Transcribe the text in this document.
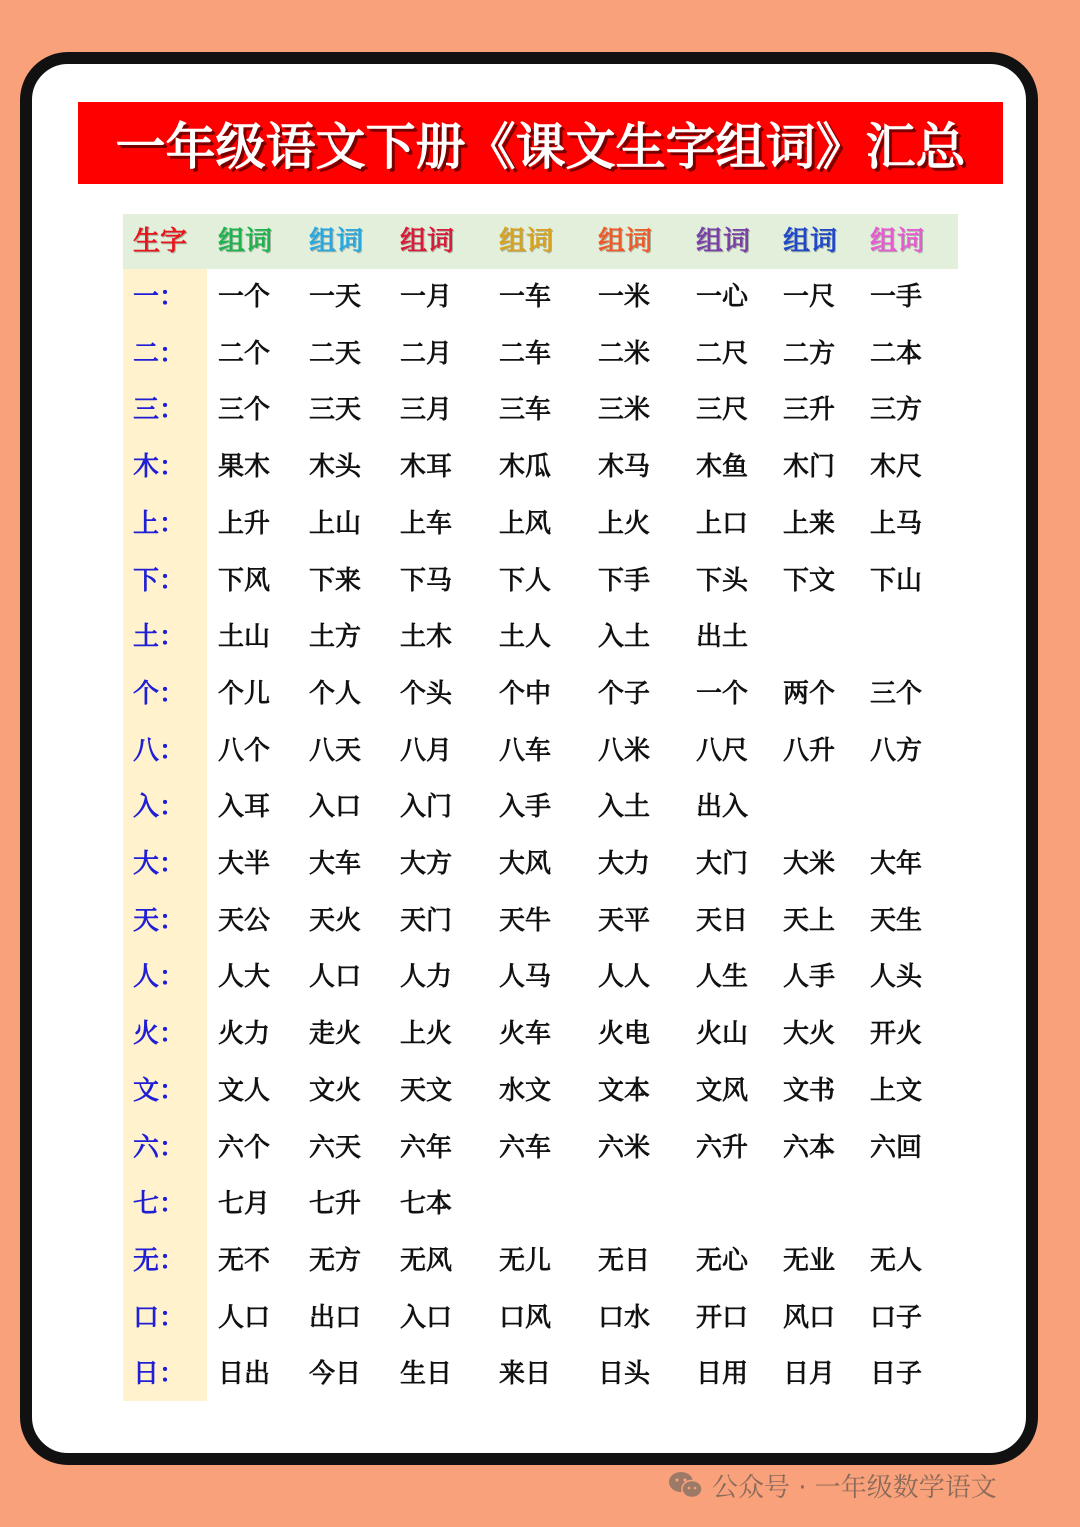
一年级语文下册《课文生字组词》汇总
生字 组词 组词 组词 组词 组词 组词 组词 组词
一： 一个 一天 一月 一车 一米 一心 一尺 一手
二： 二个 二天 二月 二车 二米 二尺 二方 二本
三： 三个 三天 三月 三车 三米 三尺 三升 三方
木： 果木 木头 木耳 木瓜 木马 木鱼 木门 木尺
上： 上升 上山 上车 上风 上火 上口 上来 上马
下： 下风 下来 下马 下人 下手 下头 下文 下山
土： 土山 土方 土木 土人 入土 出土
个： 个儿 个人 个头 个中 个子 一个 两个 三个
八： 八个 八天 八月 八车 八米 八尺 八升 八方
入： 入耳 入口 入门 入手 入土 出入
大： 大半 大车 大方 大风 大力 大门 大米 大年
天： 天公 天火 天门 天牛 天平 天日 天上 天生
人： 人大 人口 人力 人马 人人 人生 人手 人头
火： 火力 走火 上火 火车 火电 火山 大火 开火
文： 文人 文火 天文 水文 文本 文风 文书 上文
六： 六个 六天 六年 六车 六米 六升 六本 六回
七： 七月 七升 七本
无： 无不 无方 无风 无儿 无日 无心 无业 无人
口： 人口 出口 入口 口风 口水 开口 风口 口子
日： 日出 今日 生日 来日 日头 日用 日月 日子
公众号 · 一年级数学语文
